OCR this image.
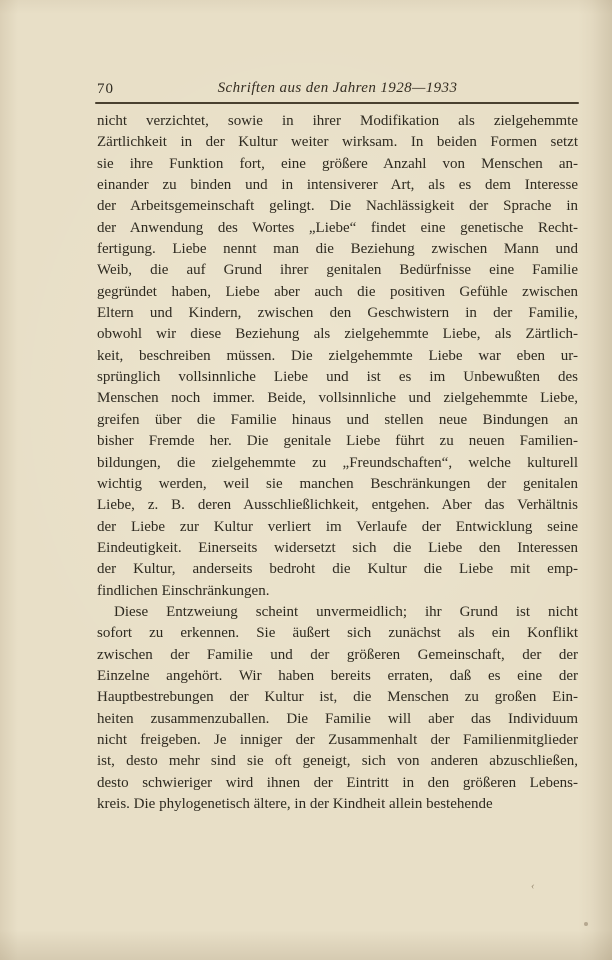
70	Schriften aus den Jahren 1928—1933
nicht verzichtet, sowie in ihrer Modifikation als zielgehemmte
Zärtlichkeit in der Kultur weiter wirksam. In beiden Formen setzt
sie ihre Funktion fort, eine größere Anzahl von Menschen an-
einander zu binden und in intensiverer Art, als es dem Interesse
der Arbeitsgemeinschaft gelingt. Die Nachlässigkeit der Sprache in
der Anwendung des Wortes „Liebe“ findet eine genetische Recht-
fertigung. Liebe nennt man die Beziehung zwischen Mann und
Weib, die auf Grund ihrer genitalen Bedürfnisse eine Familie
gegründet haben, Liebe aber auch die positiven Gefühle zwischen
Eltern und Kindern, zwischen den Geschwistern in der Familie,
obwohl wir diese Beziehung als zielgehemmte Liebe, als Zärtlich-
keit, beschreiben müssen. Die zielgehemmte Liebe war eben ur-
sprünglich vollsinnliche Liebe und ist es im Unbewußten des
Menschen noch immer. Beide, vollsinnliche und zielgehemmte Liebe,
greifen über die Familie hinaus und stellen neue Bindungen an
bisher Fremde her. Die genitale Liebe führt zu neuen Familien-
bildungen, die zielgehemmte zu „Freundschaften“, welche kulturell
wichtig werden, weil sie manchen Beschränkungen der genitalen
Liebe, z. B. deren Ausschließlichkeit, entgehen. Aber das Verhältnis
der Liebe zur Kultur verliert im Verlaufe der Entwicklung seine
Eindeutigkeit. Einerseits widersetzt sich die Liebe den Interessen
der Kultur, anderseits bedroht die Kultur die Liebe mit emp-
findlichen Einschränkungen.
Diese Entzweiung scheint unvermeidlich; ihr Grund ist nicht
sofort zu erkennen. Sie äußert sich zunächst als ein Konflikt
zwischen der Familie und der größeren Gemeinschaft, der der
Einzelne angehört. Wir haben bereits erraten, daß es eine der
Hauptbestrebungen der Kultur ist, die Menschen zu großen Ein-
heiten zusammenzuballen. Die Familie will aber das Individuum
nicht freigeben. Je inniger der Zusammenhalt der Familienmitglieder
ist, desto mehr sind sie oft geneigt, sich von anderen abzuschließen,
desto schwieriger wird ihnen der Eintritt in den größeren Lebens-
kreis. Die phylogenetisch ältere, in der Kindheit allein bestehende
‹
